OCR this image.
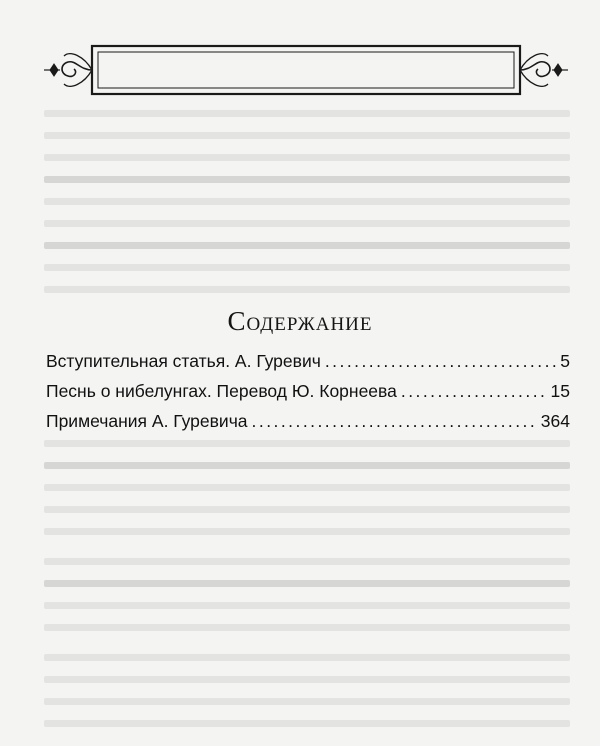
Содержание
Вступительная статья. А. Гуревич . . .	5
Песнь о нибелунгах. Перевод Ю. Корнеева . . .	15
Примечания А. Гуревича . . .	364
